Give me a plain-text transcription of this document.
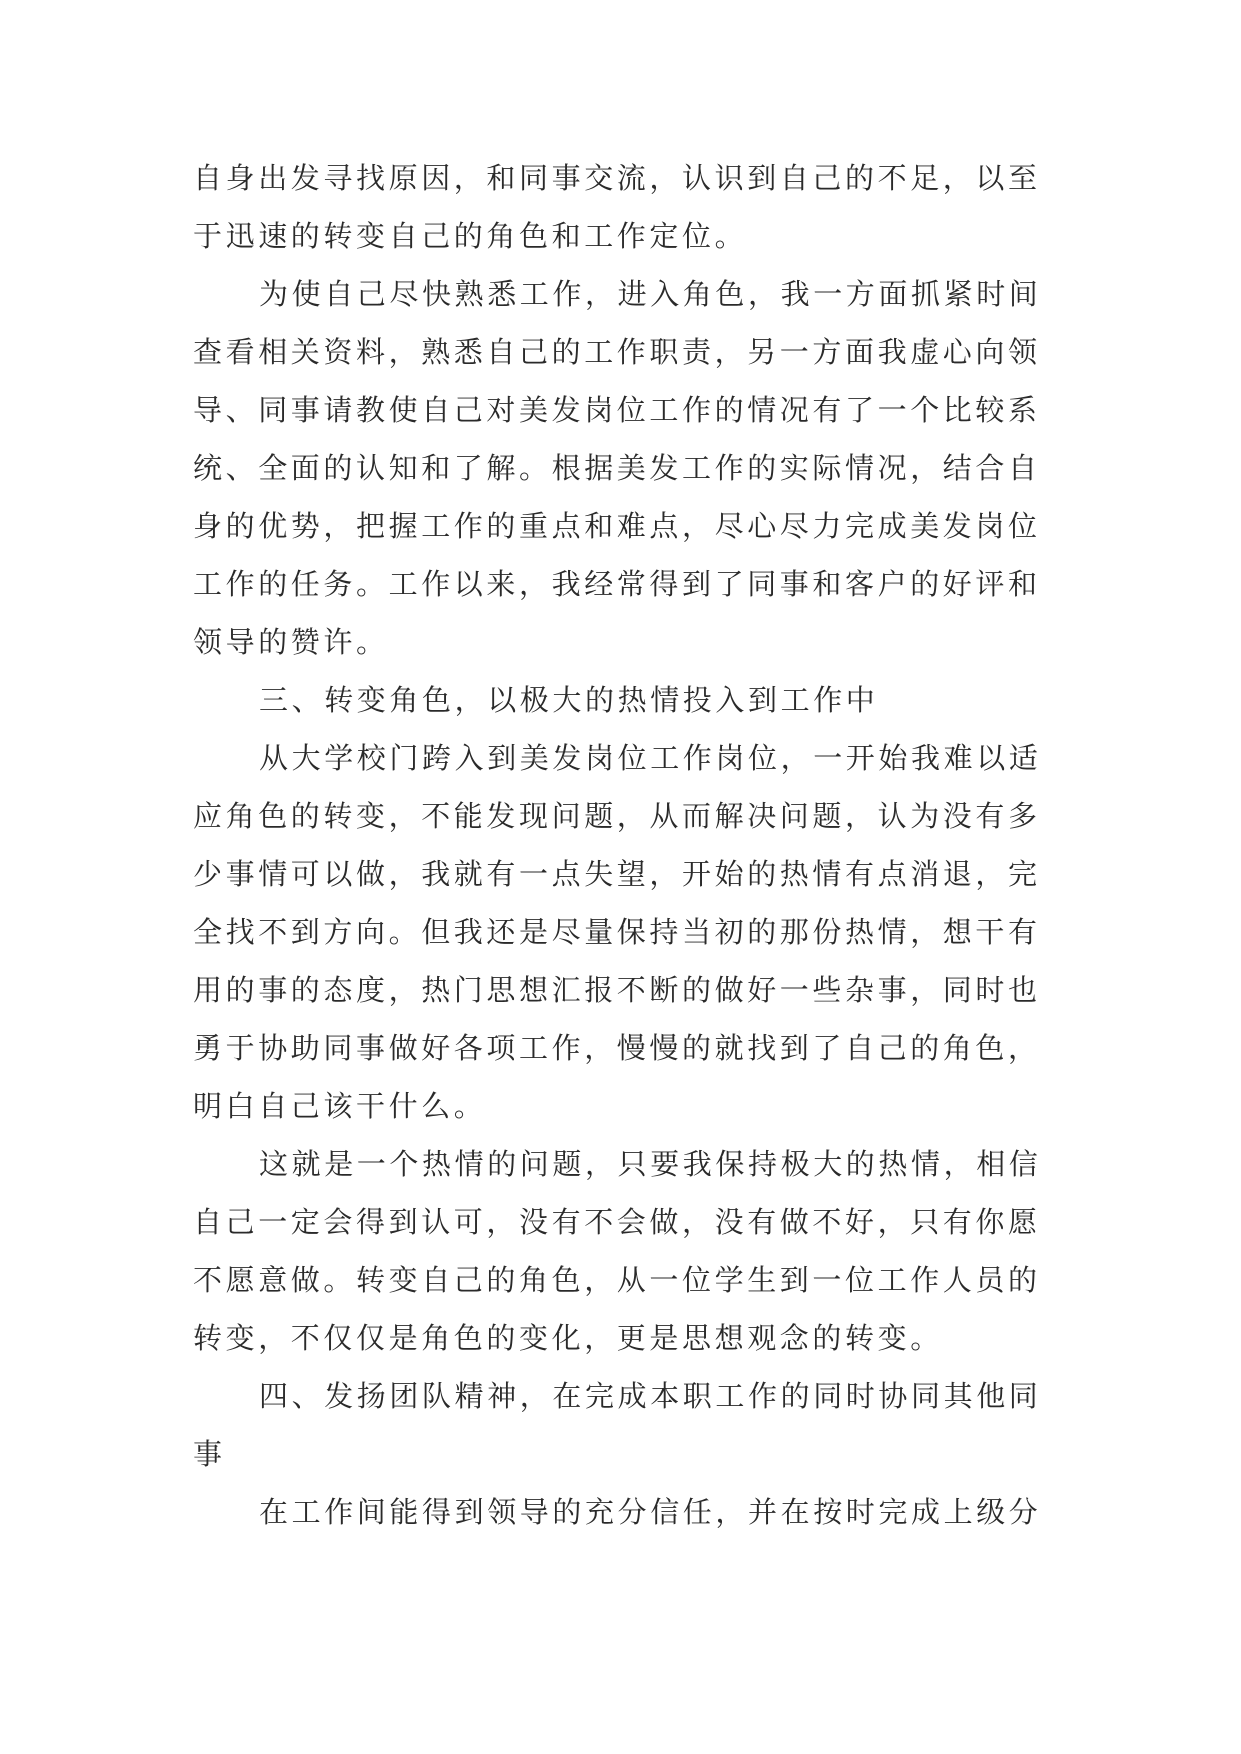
自身出发寻找原因，和同事交流，认识到自己的不足，以至
于迅速的转变自己的角色和工作定位。
为使自己尽快熟悉工作，进入角色，我一方面抓紧时间
查看相关资料，熟悉自己的工作职责，另一方面我虚心向领
导、同事请教使自己对美发岗位工作的情况有了一个比较系
统、全面的认知和了解。根据美发工作的实际情况，结合自
身的优势，把握工作的重点和难点，尽心尽力完成美发岗位
工作的任务。工作以来，我经常得到了同事和客户的好评和
领导的赞许。
三、转变角色，以极大的热情投入到工作中
从大学校门跨入到美发岗位工作岗位，一开始我难以适
应角色的转变，不能发现问题，从而解决问题，认为没有多
少事情可以做，我就有一点失望，开始的热情有点消退，完
全找不到方向。但我还是尽量保持当初的那份热情，想干有
用的事的态度，热门思想汇报不断的做好一些杂事，同时也
勇于协助同事做好各项工作，慢慢的就找到了自己的角色，
明白自己该干什么。
这就是一个热情的问题，只要我保持极大的热情，相信
自己一定会得到认可，没有不会做，没有做不好，只有你愿
不愿意做。转变自己的角色，从一位学生到一位工作人员的
转变，不仅仅是角色的变化，更是思想观念的转变。
四、发扬团队精神，在完成本职工作的同时协同其他同
事
在工作间能得到领导的充分信任，并在按时完成上级分
